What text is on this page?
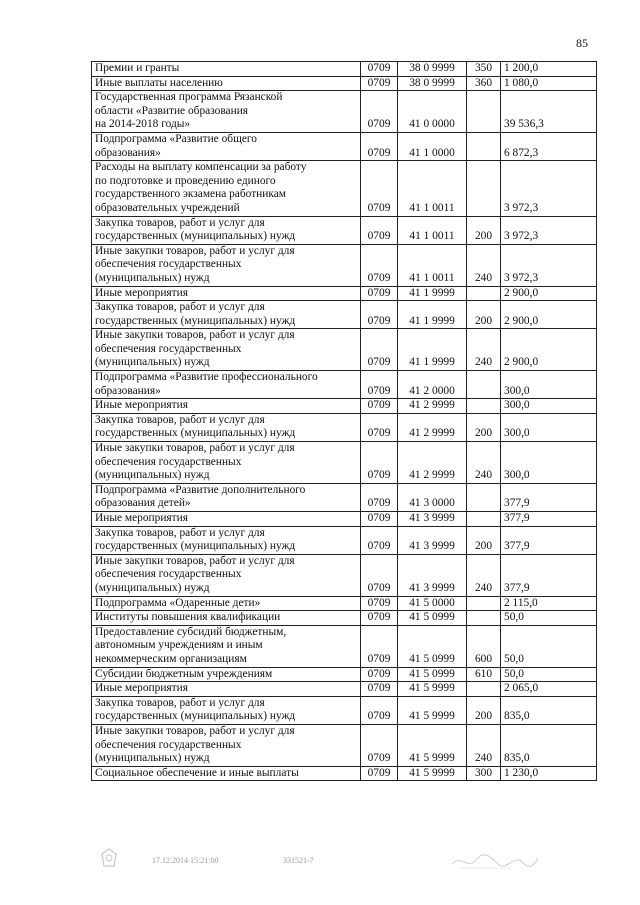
85
Премии и гранты	0709	38 0 9999	350	1 200,0
Иные выплаты населению	0709	38 0 9999	360	1 080,0
Государственная программа Рязанской
области «Развитие образования
на 2014-2018 годы»	0709	41 0 0000		39 536,3
Подпрограмма «Развитие общего
образования»	0709	41 1 0000		6 872,3
Расходы на выплату компенсации за работу
по подготовке и проведению единого
государственного экзамена работникам
образовательных учреждений	0709	41 1 0011		3 972,3
Закупка товаров, работ и услуг для
государственных (муниципальных) нужд	0709	41 1 0011	200	3 972,3
Иные закупки товаров, работ и услуг для
обеспечения государственных
(муниципальных) нужд	0709	41 1 0011	240	3 972,3
Иные мероприятия	0709	41 1 9999		2 900,0
Закупка товаров, работ и услуг для
государственных (муниципальных) нужд	0709	41 1 9999	200	2 900,0
Иные закупки товаров, работ и услуг для
обеспечения государственных
(муниципальных) нужд	0709	41 1 9999	240	2 900,0
Подпрограмма «Развитие профессионального
образования»	0709	41 2 0000		300,0
Иные мероприятия	0709	41 2 9999		300,0
Закупка товаров, работ и услуг для
государственных (муниципальных) нужд	0709	41 2 9999	200	300,0
Иные закупки товаров, работ и услуг для
обеспечения государственных
(муниципальных) нужд	0709	41 2 9999	240	300,0
Подпрограмма «Развитие дополнительного
образования детей»	0709	41 3 0000		377,9
Иные мероприятия	0709	41 3 9999		377,9
Закупка товаров, работ и услуг для
государственных (муниципальных) нужд	0709	41 3 9999	200	377,9
Иные закупки товаров, работ и услуг для
обеспечения государственных
(муниципальных) нужд	0709	41 3 9999	240	377,9
Подпрограмма «Одаренные дети»	0709	41 5 0000		2 115,0
Институты повышения квалификации	0709	41 5 0999		50,0
Предоставление субсидий бюджетным,
автономным учреждениям и иным
некоммерческим организациям	0709	41 5 0999	600	50,0
Субсидии бюджетным учреждениям	0709	41 5 0999	610	50,0
Иные мероприятия	0709	41 5 9999		2 065,0
Закупка товаров, работ и услуг для
государственных (муниципальных) нужд	0709	41 5 9999	200	835,0
Иные закупки товаров, работ и услуг для
обеспечения государственных
(муниципальных) нужд	0709	41 5 9999	240	835,0
Социальное обеспечение и иные выплаты	0709	41 5 9999	300	1 230,0
17.12.2014 15:21:00	331521-7
